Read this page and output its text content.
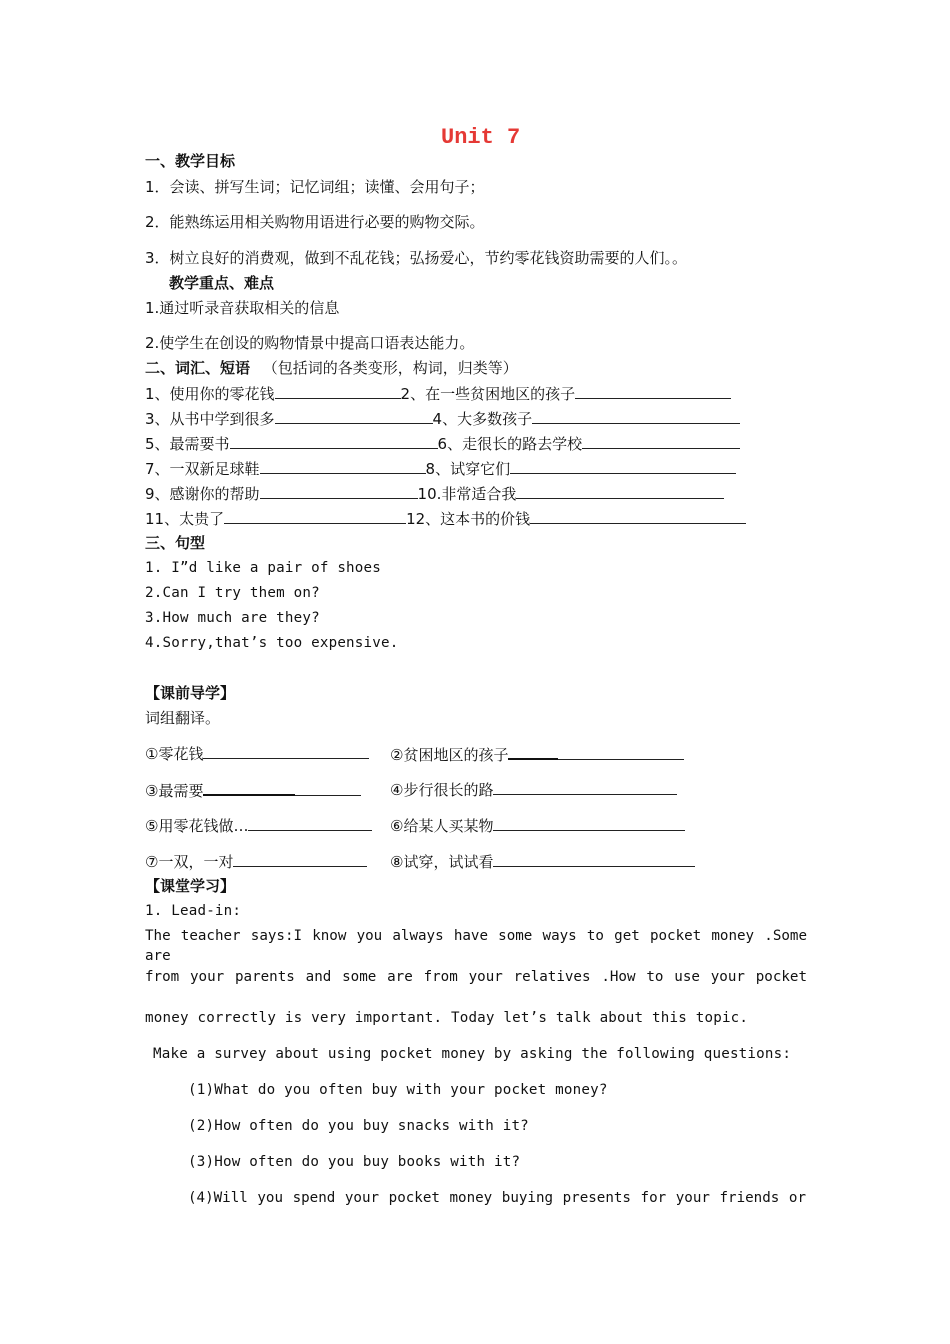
Unit 7
一、教学目标
1．会读、拼写生词；记忆词组；读懂、会用句子；
2．能熟练运用相关购物用语进行必要的购物交际。
3．树立良好的消费观，做到不乱花钱；弘扬爱心，节约零花钱资助需要的人们。。
教学重点、难点
1.通过听录音获取相关的信息
2.使学生在创设的购物情景中提高口语表达能力。
二、词汇、短语 （包括词的各类变形，构词，归类等）
1、使用你的零花钱	2、在一些贫困地区的孩子
3、从书中学到很多	4、大多数孩子
5、最需要书	6、走很长的路去学校
7、一双新足球鞋	8、试穿它们
9、感谢你的帮助	10.非常适合我
11、太贵了	12、这本书的价钱
三、句型
1. I”d like a pair of shoes
2.Can I try them on?
3.How much are they?
4.Sorry,that’s too expensive.
【课前导学】
词组翻译。
①零花钱	②贫困地区的孩子
③最需要	④步行很长的路
⑤用零花钱做…	⑥给某人买某物
⑦一双，一对	⑧试穿，试试看
【课堂学习】
1. Lead-in:
The teacher says:I know you always have some ways to get pocket money .Some are
from your parents and some are from your relatives .How to use your pocket
money correctly is very important. Today let’s talk about this topic.
Make a survey about using pocket money by asking the following questions:
(1)What do you often buy with your pocket money?
(2)How often do you buy snacks with it?
(3)How often do you buy books with it?
(4)Will you spend your pocket money buying presents for your friends or
